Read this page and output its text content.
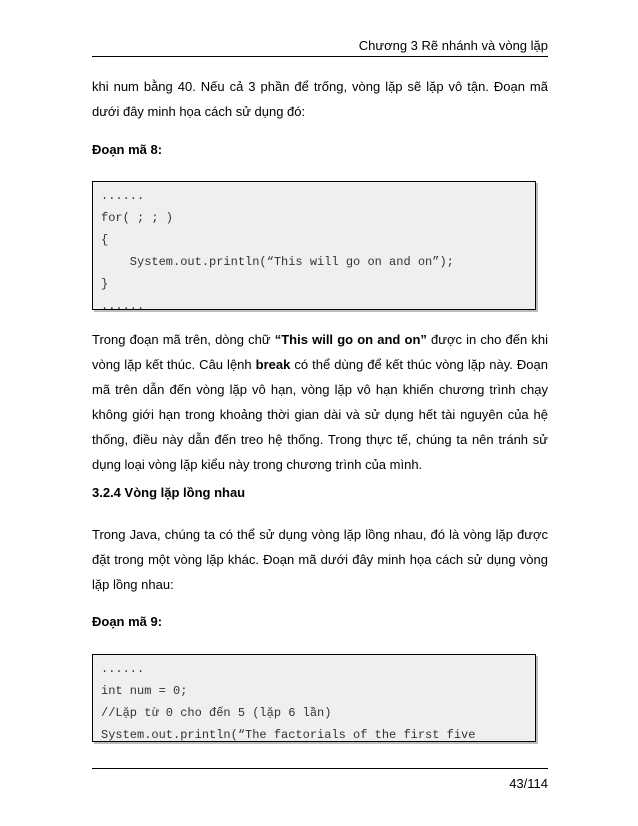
Chương 3 Rẽ nhánh và vòng lặp
khi num bằng 40. Nếu cả 3 phần để trống, vòng lặp sẽ lặp vô tận. Đoạn mã dưới đây minh họa cách sử dụng đó:
Đoạn mã 8:
......
for( ; ; )
{
System.out.println(“This will go on and on”);
}
......
Trong đoạn mã trên, dòng chữ “This will go on and on” được in cho đến khi vòng lặp kết thúc. Câu lệnh break có thể dùng để kết thúc vòng lặp này. Đoạn mã trên dẫn đến vòng lặp vô hạn, vòng lặp vô hạn khiến chương trình chạy không giới hạn trong khoảng thời gian dài và sử dụng hết tài nguyên của hệ thống, điều này dẫn đến treo hệ thống. Trong thực tế, chúng ta nên tránh sử dụng loại vòng lặp kiểu này trong chương trình của mình.
3.2.4 Vòng lặp lồng nhau
Trong Java, chúng ta có thể sử dụng vòng lặp lồng nhau, đó là vòng lặp được đặt trong một vòng lặp khác. Đoạn mã dưới đây minh họa cách sử dụng vòng lặp lồng nhau:
Đoạn mã 9:
......
int num = 0;
//Lặp từ 0 cho đến 5 (lặp 6 lần)
System.out.println(“The factorials of the first five
43/114
